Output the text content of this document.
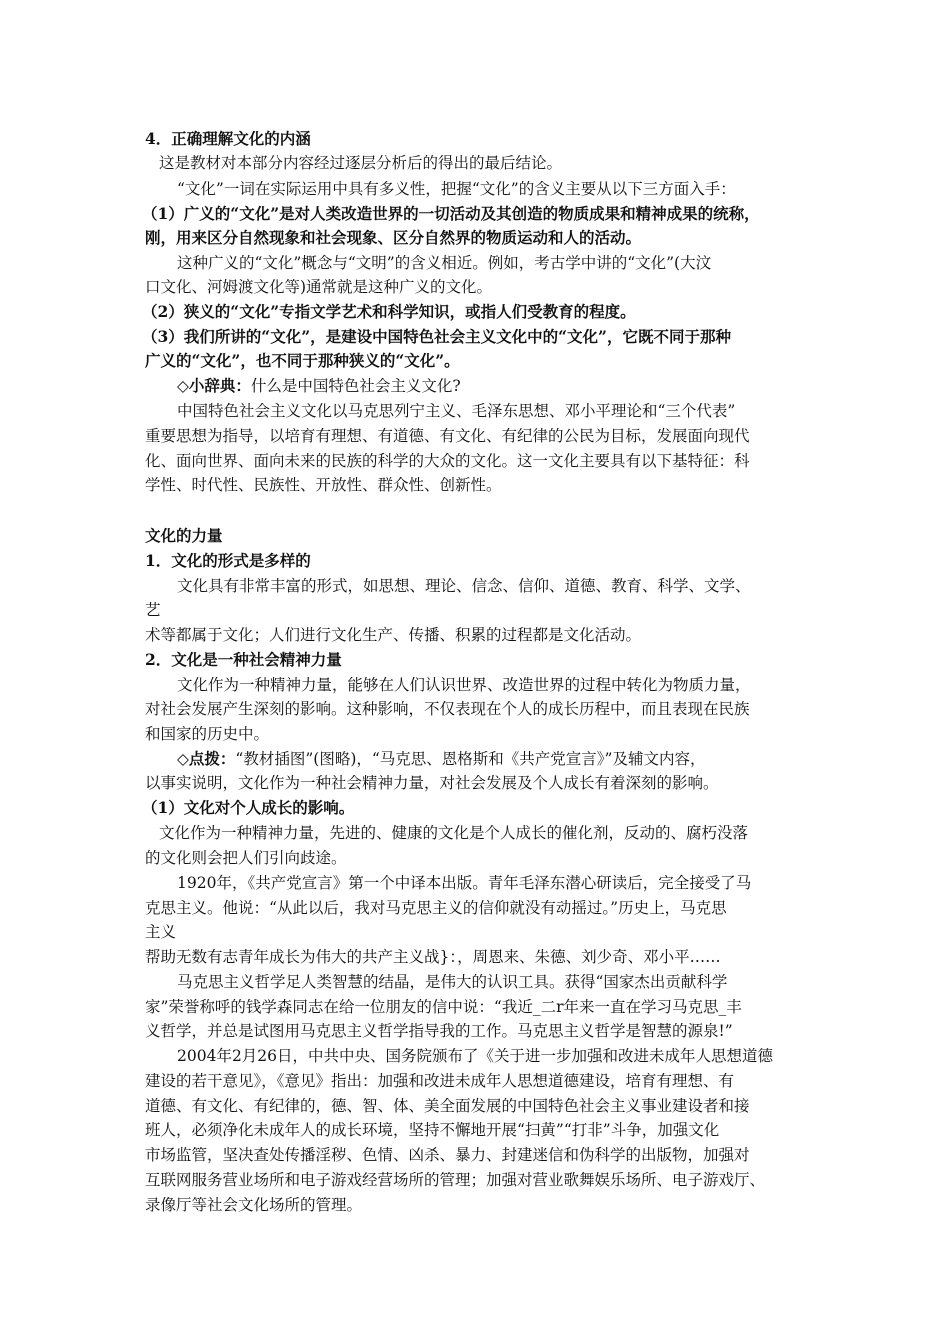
4．正确理解文化的内涵
这是教材对本部分内容经过逐层分析后的得出的最后结论。
“文化”一词在实际运用中具有多义性，把握“文化”的含义主要从以下三方面入手：
（1）广义的“文化”是对人类改造世界的一切活动及其创造的物质成果和精神成果的统称，
刚，用来区分自然现象和社会现象、区分自然界的物质运动和人的活动。
这种广义的“文化”概念与“文明”的含义相近。例如，考古学中讲的“文化”(大汶
口文化、河姆渡文化等)通常就是这种广义的文化。
（2）狭义的“文化”专指文学艺术和科学知识，或指人们受教育的程度。
（3）我们所讲的“文化”，是建设中国特色社会主义文化中的“文化”，它既不同于那种
广义的“文化”，也不同于那种狭义的“文化”。
◇小辞典：什么是中国特色社会主义文化?
中国特色社会主义文化以马克思列宁主义、毛泽东思想、邓小平理论和“三个代表”
重要思想为指导，以培育有理想、有道德、有文化、有纪律的公民为目标，发展面向现代
化、面向世界、面向未来的民族的科学的大众的文化。这一文化主要具有以下基特征：科
学性、时代性、民族性、开放性、群众性、创新性。
文化的力量
1．文化的形式是多样的
文化具有非常丰富的形式，如思想、理论、信念、信仰、道德、教育、科学、文学、
艺
术等都属于文化；人们进行文化生产、传播、积累的过程都是文化活动。
2．文化是一种社会精神力量
文化作为一种精神力量，能够在人们认识世界、改造世界的过程中转化为物质力量，
对社会发展产生深刻的影响。这种影响，不仅表现在个人的成长历程中，而且表现在民族
和国家的历史中。
◇点拨：“教材插图”(图略)，“马克思、恩格斯和《共产党宣言》”及辅文内容，
以事实说明，文化作为一种社会精神力量，对社会发展及个人成长有着深刻的影响。
（1）文化对个人成长的影响。
文化作为一种精神力量，先进的、健康的文化是个人成长的催化剂，反动的、腐朽没落
的文化则会把人们引向歧途。
1920年，《共产党宣言》第一个中译本出版。青年毛泽东潜心研读后，完全接受了马
克思主义。他说：“从此以后，我对马克思主义的信仰就没有动摇过。”历史上，马克思
主义
帮助无数有志青年成长为伟大的共产主义战}：，周恩来、朱德、刘少奇、邓小平……
马克思主义哲学足人类智慧的结晶，是伟大的认识工具。获得“国家杰出贡献科学
家”荣誉称呼的钱学森同志在给一位朋友的信中说：“我近_二r年来一直在学习马克思_丰
义哲学，并总是试图用马克思主义哲学指导我的工作。马克思主义哲学是智慧的源泉!”
2004年2月26日，中共中央、国务院颁布了《关于进一步加强和改进未成年人思想道德
建设的若干意见》，《意见》指出：加强和改进未成年人思想道德建设，培育有理想、有
道德、有文化、有纪律的，德、智、体、美全面发展的中国特色社会主义事业建设者和接
班人，必须净化未成年人的成长环境，坚持不懈地开展“扫黄”“打非”斗争，加强文化
市场监管，坚决查处传播淫秽、色情、凶杀、暴力、封建迷信和伪科学的出版物，加强对
互联网服务营业场所和电子游戏经营场所的管理；加强对营业歌舞娱乐场所、电子游戏厅、
录像厅等社会文化场所的管理。
